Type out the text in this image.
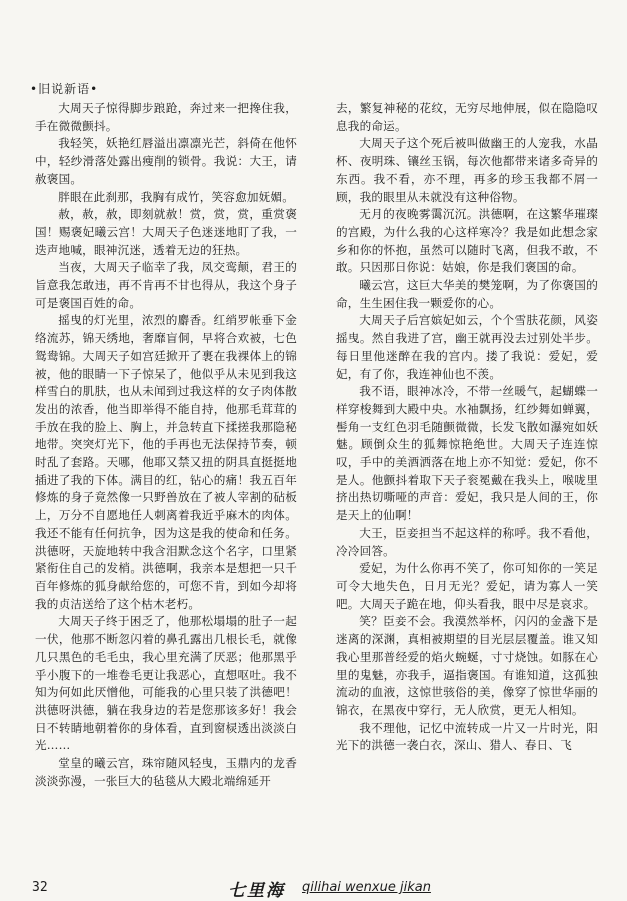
•旧说新语•

大周天子惊得脚步踉跄，奔过来一把搀住我，手在微微颤抖。

我轻笑，妖艳红唇溢出凛凛光芒，斜倚在他怀中，轻纱滑落处露出瘦削的锁骨。我说：大王，请赦褒国。

胖眼在此刹那，我胸有成竹，笑容愈加妩媚。

赦，赦，赦，即刻就赦！赏，赏，赏，重赏褒国！赐褒妃曦云宫！大周天子色迷迷地盯了我，一迭声地喊，眼神沉迷，透着无边的狂热。

当夜，大周天子临幸了我，凤交鸾颠，君王的旨意我怎敢违，再不肯再不甘也得从，我这个身子可是褒国百姓的命。

摇曳的灯光里，浓烈的麝香。红绡罗帐垂下金络流苏，锦天绣地，奢靡盲侗，早将合欢被，七色鸳鸯锦。大周天子如宫廷掀开了裹在我裸体上的锦被，他的眼睛一下子惊呆了，他似乎从未见到我这样雪白的肌肤，也从未闻到过我这样的女子肉体散发出的浓香，他当即举得不能自持，他那毛茸茸的手放在我的脸上、胸上，并急转直下揉搓我那隐秘地带。突突灯光下，他的手再也无法保持节奏，顿时乱了套路。天哪，他耶又禁又扭的阴具直挺挺地插进了我的下体。满目的红，钻心的痛！我五百年修炼的身子竟然像一只野兽放在了被人宰割的砧板上，万分不自愿地任人刺离着我近乎麻木的肉体。我还不能有任何抗争，因为这是我的使命和任务。洪德呀，天旋地转中我含泪默念这个名字，口里紧紧衔住自己的发梢。洪德啊，我亲本是想把一只千百年修炼的狐身献给您的，可您不肯，到如今却将我的贞洁送给了这个枯木老朽。

大周天子终于困乏了，他那松塌塌的肚子一起一伏，他那不断忽闪着的鼻孔露出几根长毛，就像几只黑色的毛毛虫，我心里充满了厌恶；他那黑乎乎小腹下的一堆卷毛更让我恶心，直想呕吐。我不知为何如此厌憎他，可能我的心里只装了洪德吧！洪德呀洪德，躺在我身边的若是您那该多好！我会日不转睛地朝着你的身体看，直到窗棂透出淡淡白光……

堂皇的曦云宫，珠帘随风轻曳，玉鼎内的龙香淡淡弥漫，一张巨大的毡毯从大殿北端绵延开

去，繁复神秘的花纹，无穷尽地伸展，似在隐隐叹息我的命运。

大周天子这个死后被叫做幽王的人宠我，水晶杯、夜明珠、镶丝玉锅，每次他都带来诸多奇异的东西。我不看，亦不理，再多的珍玉我都不屑一顾，我的眼里从未就没有这种俗物。

无月的夜晚雾霭沉沉。洪德啊，在这繁华璀璨的宫殿，为什么我的心这样寒冷？我是如此想念家乡和你的怀抱，虽然可以随时飞离，但我不敢，不敢。只因那日你说：姑娘，你是我们褒国的命。

曦云宫，这巨大华美的樊笼啊，为了你褒国的命，生生困住我一颗爱你的心。

大周天子后宫嫔妃如云，个个雪肤花颜，风姿摇曳。然自我进了宫，幽王就再没去过别处半步。每日里他迷醉在我的宫内。搂了我说：爱妃，爱妃，有了你，我连神仙也不羡。

我不语，眼神冰冷，不带一丝暖气，起蝴蝶一样穿梭舞到大殿中央。水袖飘扬，红纱舞如蝉翼，髻角一支红色羽毛随颤微微，长发飞散如瀑宛如妖魅。顾倒众生的狐舞惊艳绝世。大周天子连连惊叹，手中的美酒洒落在地上亦不知觉：爱妃，你不是人。他颤抖着取下天子衮冕戴在我头上，喉咙里挤出热切嘶哑的声音：爱妃，我只是人间的王，你是天上的仙啊！

大王，臣妾担当不起这样的称呼。我不看他，冷冷回答。

爱妃，为什么你再不笑了，你可知你的一笑足可令大地失色，日月无光？爱妃，请为寡人一笑吧。大周天子跪在地，仰头看我，眼中尽是哀求。

笑？臣妾不会。我漠然举杯，闪闪的金盏下是迷离的深渊，真相被期望的目光层层覆盖。谁又知我心里那普经爱的焰火蜿蜒，寸寸烧蚀。如豚在心里的鬼魅，亦我手，逼指褒国。有谁知道，这孤独流动的血液，这惊世骇俗的美，像穿了惊世华丽的锦衣，在黑夜中穿行，无人欣赏，更无人相知。

我不理他，记忆中流转成一片又一片时光，阳光下的洪德一袭白衣，深山、猎人、春日、飞

32	七里海 qilihai wenxue jikan
